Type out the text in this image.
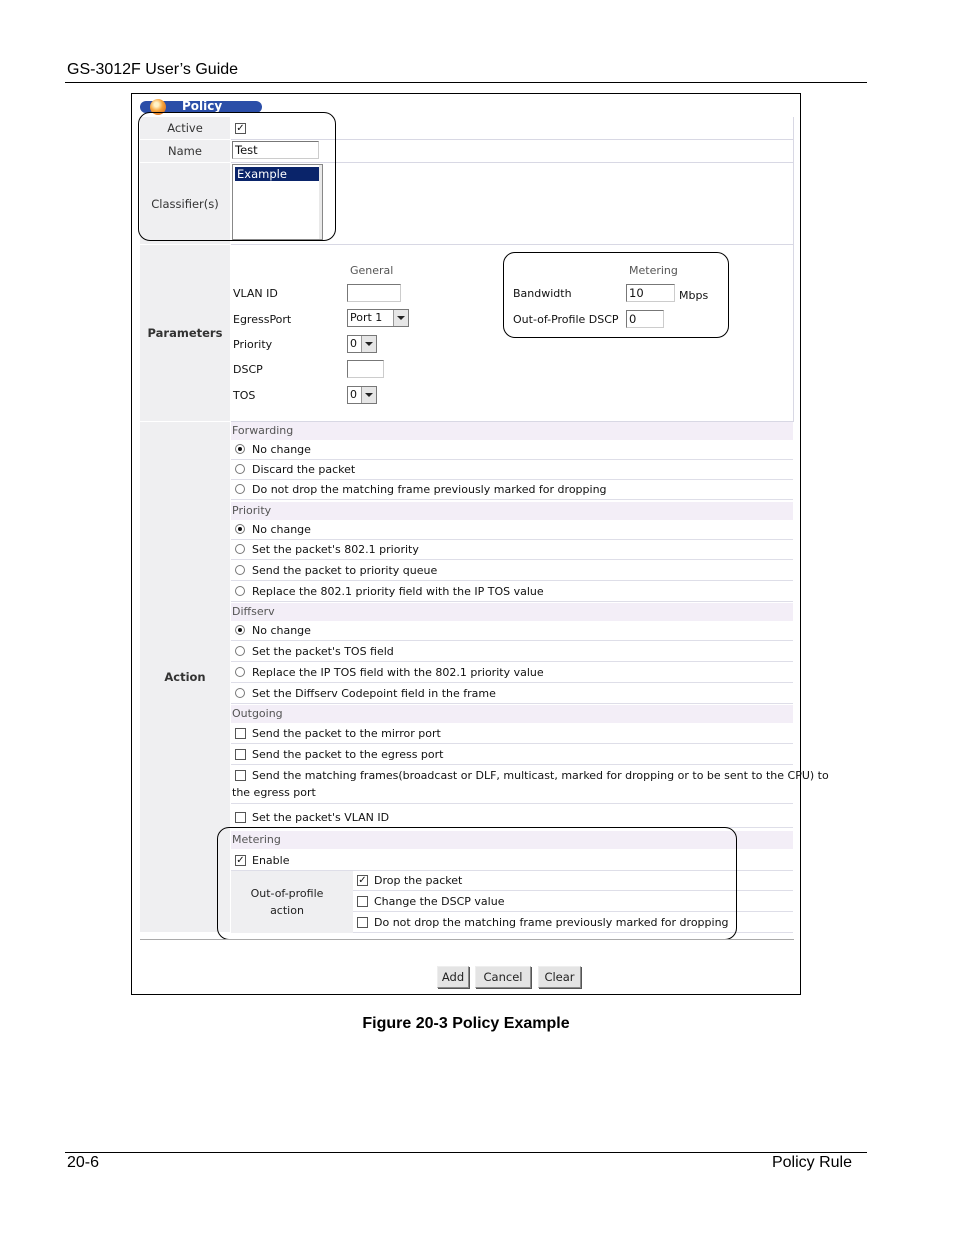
GS-3012F User’s Guide
Policy
Active	✓
Name	Test
Classifier(s)
Example
Parameters
General
VLAN ID
EgressPort	Port 1
Priority	0
DSCP
TOS	0
Metering
Bandwidth	10	Mbps
Out-of-Profile DSCP 0
Action
Forwarding
No change
Discard the packet
Do not drop the matching frame previously marked for dropping
Priority
No change
Set the packet's 802.1 priority
Send the packet to priority queue
Replace the 802.1 priority field with the IP TOS value
Diffserv
No change
Set the packet's TOS field
Replace the IP TOS field with the 802.1 priority value
Set the Diffserv Codepoint field in the frame
Outgoing
Send the packet to the mirror port
Send the packet to the egress port
Send the matching frames(broadcast or DLF, multicast, marked for dropping or to be sent to the CPU) to
the egress port
Set the packet's VLAN ID
Metering
✓ Enable
Out-of-profile
action
✓ Drop the packet
Change the DSCP value
Do not drop the matching frame previously marked for dropping
Add	Cancel	Clear
Figure 20-3 Policy Example
20-6	Policy Rule
